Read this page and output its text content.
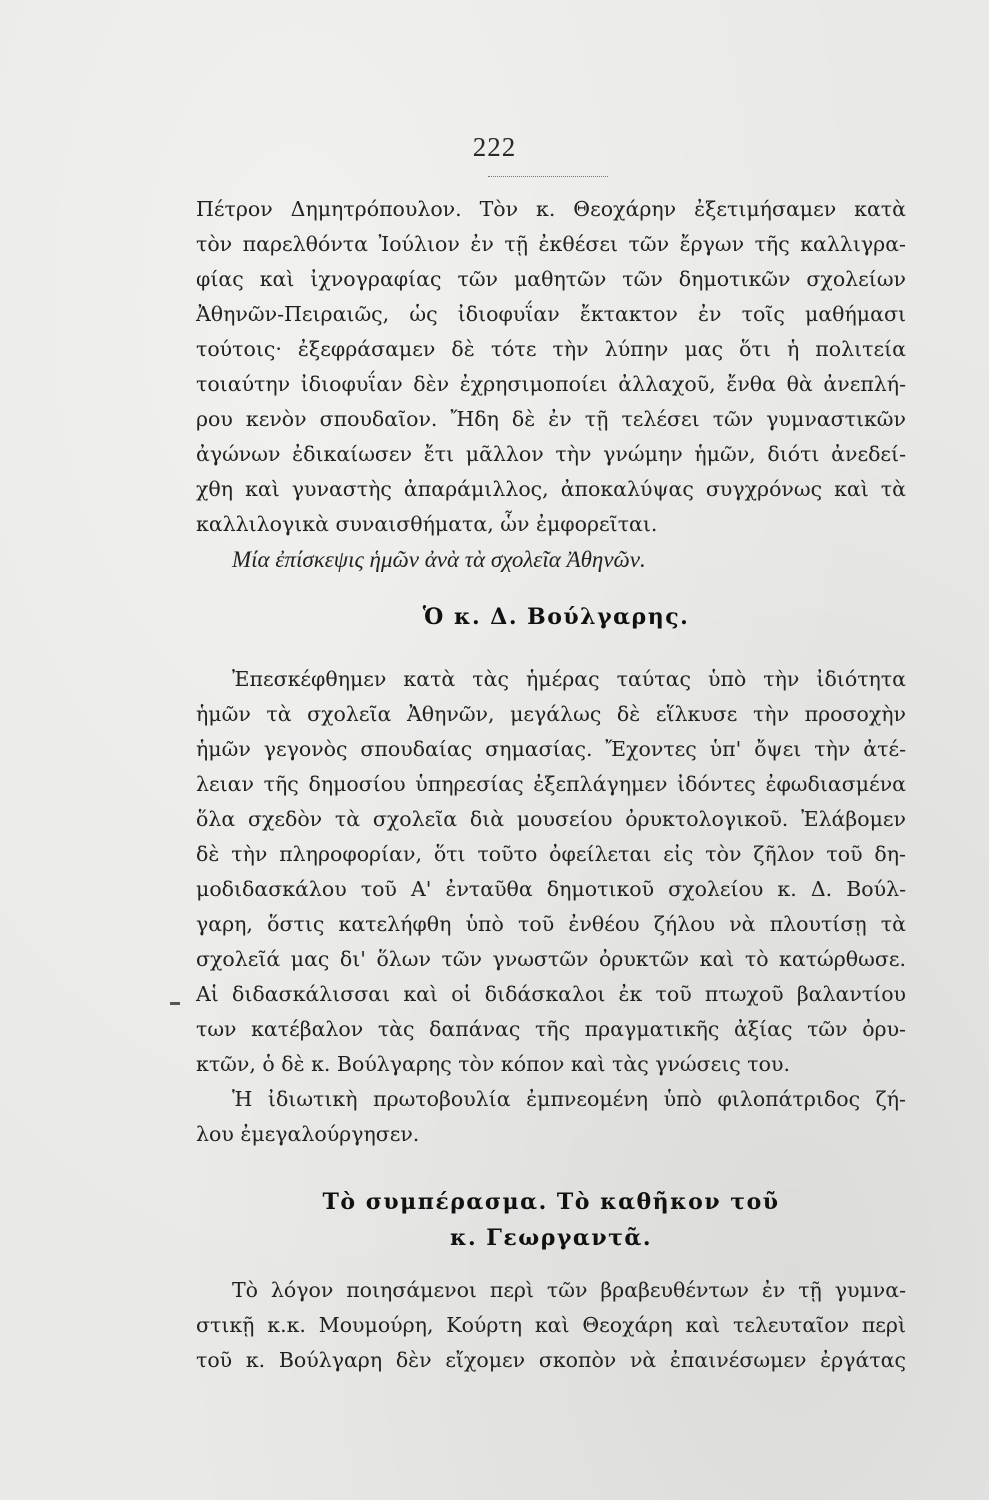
222
Πέτρον Δημητρόπουλον. Τὸν κ. Θεοχάρην ἐξετιμήσαμεν κατὰ
τὸν παρελθόντα Ἰούλιον ἐν τῇ ἐκθέσει τῶν ἔργων τῆς καλλιγρα-
φίας καὶ ἰχνογραφίας τῶν μαθητῶν τῶν δημοτικῶν σχολείων
Ἀθηνῶν-Πειραιῶς, ὡς ἰδιοφυΐαν ἔκτακτον ἐν τοῖς μαθήμασι
τούτοις· ἐξεφράσαμεν δὲ τότε τὴν λύπην μας ὅτι ἡ πολιτεία
τοιαύτην ἰδιοφυΐαν δὲν ἐχρησιμοποίει ἀλλαχοῦ, ἔνθα θὰ ἀνεπλή-
ρου κενὸν σπουδαῖον. Ἤδη δὲ ἐν τῇ τελέσει τῶν γυμναστικῶν
ἀγώνων ἐδικαίωσεν ἔτι μᾶλλον τὴν γνώμην ἡμῶν, διότι ἀνεδεί-
χθη καὶ γυναστὴς ἀπαράμιλλος, ἀποκαλύψας συγχρόνως καὶ τὰ
καλλιλογικὰ συναισθήματα, ὧν ἐμφορεῖται.
Μία ἐπίσκεψις ἡμῶν ἀνὰ τὰ σχολεῖα Ἀθηνῶν.
Ὁ κ. Δ. Βούλγαρης.
Ἐπεσκέφθημεν κατὰ τὰς ἡμέρας ταύτας ὑπὸ τὴν ἰδιότητα
ἡμῶν τὰ σχολεῖα Ἀθηνῶν, μεγάλως δὲ εἵλκυσε τὴν προσοχὴν
ἡμῶν γεγονὸς σπουδαίας σημασίας. Ἔχοντες ὑπ' ὄψει τὴν ἀτέ-
λειαν τῆς δημοσίου ὑπηρεσίας ἐξεπλάγημεν ἰδόντες ἐφωδιασμένα
ὅλα σχεδὸν τὰ σχολεῖα διὰ μουσείου ὀρυκτολογικοῦ. Ἐλάβομεν
δὲ τὴν πληροφορίαν, ὅτι τοῦτο ὀφείλεται εἰς τὸν ζῆλον τοῦ δη-
μοδιδασκάλου τοῦ Α' ἐνταῦθα δημοτικοῦ σχολείου κ. Δ. Βούλ-
γαρη, ὅστις κατελήφθη ὑπὸ τοῦ ἐνθέου ζήλου νὰ πλουτίσῃ τὰ
σχολεῖά μας δι' ὅλων τῶν γνωστῶν ὀρυκτῶν καὶ τὸ κατώρθωσε.
Αἱ διδασκάλισσαι καὶ οἱ διδάσκαλοι ἐκ τοῦ πτωχοῦ βαλαντίου
των κατέβαλον τὰς δαπάνας τῆς πραγματικῆς ἀξίας τῶν ὀρυ-
κτῶν, ὁ δὲ κ. Βούλγαρης τὸν κόπον καὶ τὰς γνώσεις του.
Ἡ ἰδιωτικὴ πρωτοβουλία ἐμπνεομένη ὑπὸ φιλοπάτριδος ζή-
λου ἐμεγαλούργησεν.
Τὸ συμπέρασμα. Τὸ καθῆκον τοῦ
κ. Γεωργαντᾶ.
Τὸ λόγον ποιησάμενοι περὶ τῶν βραβευθέντων ἐν τῇ γυμνα-
στικῇ κ.κ. Μουμούρη, Κούρτη καὶ Θεοχάρη καὶ τελευταῖον περὶ
τοῦ κ. Βούλγαρη δὲν εἴχομεν σκοπὸν νὰ ἐπαινέσωμεν ἐργάτας
